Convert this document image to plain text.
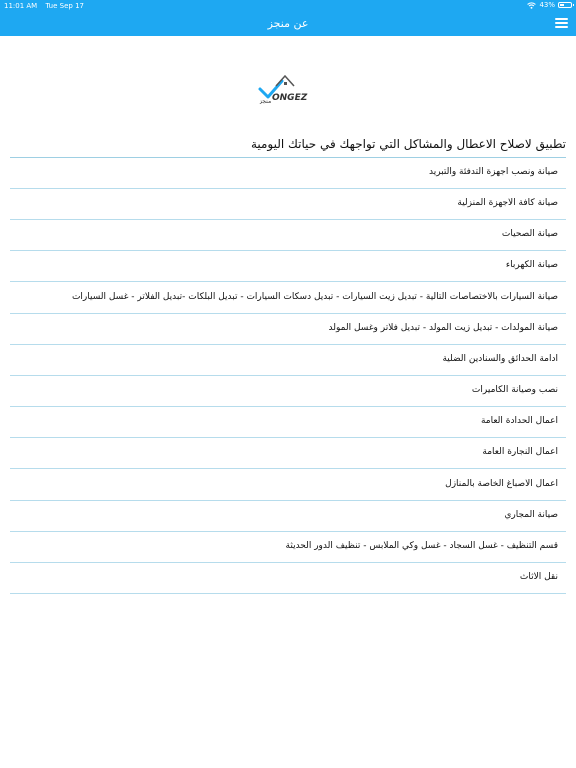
11:01 AM Tue Sep 17	43%
عن منجز
ONGEZ
منجز
تطبيق لاصلاح الاعطال والمشاكل التي تواجهك في حياتك اليومية
صيانة ونصب اجهزة التدفئة والتبريد
صيانة كافة الاجهزة المنزلية
صيانة الصحيات
صيانة الكهرباء
صيانة السيارات بالاختصاصات التالية - تبديل زيت السيارات - تبديل دسكات السيارات - تبديل البلكات -تبديل الفلاتر - غسل السيارات
صيانة المولدات - تبديل زيت المولد - تبديل فلاتر وغسل المولد
ادامة الحدائق والسنادين الضلية
نصب وصيانة الكاميرات
اعمال الحدادة العامة
اعمال النجارة العامة
اعمال الاصباغ الخاصة بالمنازل
صيانة المجاري
قسم التنظيف - غسل السجاد - غسل وكي الملابس - تنظيف الدور الحديثة
نقل الاثاث
